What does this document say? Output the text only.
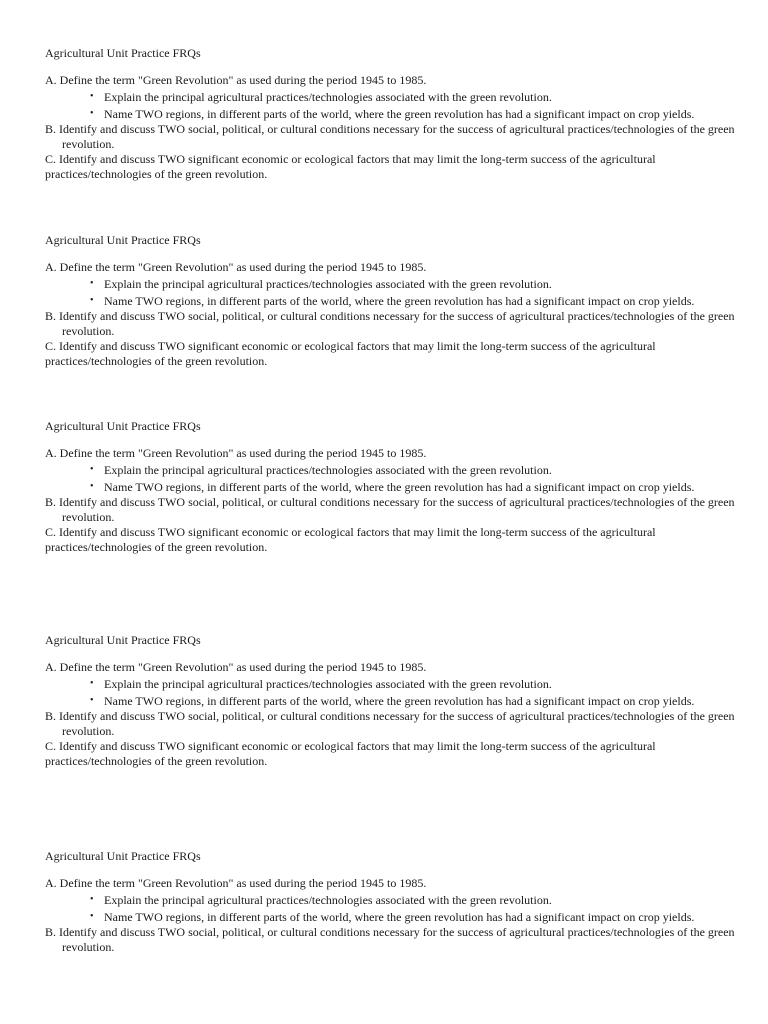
Agricultural Unit Practice FRQs

A. Define the term "Green Revolution" as used during the period 1945 to 1985.

• Explain the principal agricultural practices/technologies associated with the green revolution.

• Name TWO regions, in different parts of the world, where the green revolution has had a significant impact on crop yields.

B. Identify and discuss TWO social, political, or cultural conditions necessary for the success of agricultural practices/technologies of the green revolution.

C. Identify and discuss TWO significant economic or ecological factors that may limit the long-term success of the agricultural practices/technologies of the green revolution.

Agricultural Unit Practice FRQs

A. Define the term "Green Revolution" as used during the period 1945 to 1985.

• Explain the principal agricultural practices/technologies associated with the green revolution.

• Name TWO regions, in different parts of the world, where the green revolution has had a significant impact on crop yields.

B. Identify and discuss TWO social, political, or cultural conditions necessary for the success of agricultural practices/technologies of the green revolution.

C. Identify and discuss TWO significant economic or ecological factors that may limit the long-term success of the agricultural practices/technologies of the green revolution.

Agricultural Unit Practice FRQs

A. Define the term "Green Revolution" as used during the period 1945 to 1985.

• Explain the principal agricultural practices/technologies associated with the green revolution.

• Name TWO regions, in different parts of the world, where the green revolution has had a significant impact on crop yields.

B. Identify and discuss TWO social, political, or cultural conditions necessary for the success of agricultural practices/technologies of the green revolution.

C. Identify and discuss TWO significant economic or ecological factors that may limit the long-term success of the agricultural practices/technologies of the green revolution.

Agricultural Unit Practice FRQs

A. Define the term "Green Revolution" as used during the period 1945 to 1985.

• Explain the principal agricultural practices/technologies associated with the green revolution.

• Name TWO regions, in different parts of the world, where the green revolution has had a significant impact on crop yields.

B. Identify and discuss TWO social, political, or cultural conditions necessary for the success of agricultural practices/technologies of the green revolution.

C. Identify and discuss TWO significant economic or ecological factors that may limit the long-term success of the agricultural practices/technologies of the green revolution.

Agricultural Unit Practice FRQs

A. Define the term "Green Revolution" as used during the period 1945 to 1985.

• Explain the principal agricultural practices/technologies associated with the green revolution.

• Name TWO regions, in different parts of the world, where the green revolution has had a significant impact on crop yields.

B. Identify and discuss TWO social, political, or cultural conditions necessary for the success of agricultural practices/technologies of the green revolution.
